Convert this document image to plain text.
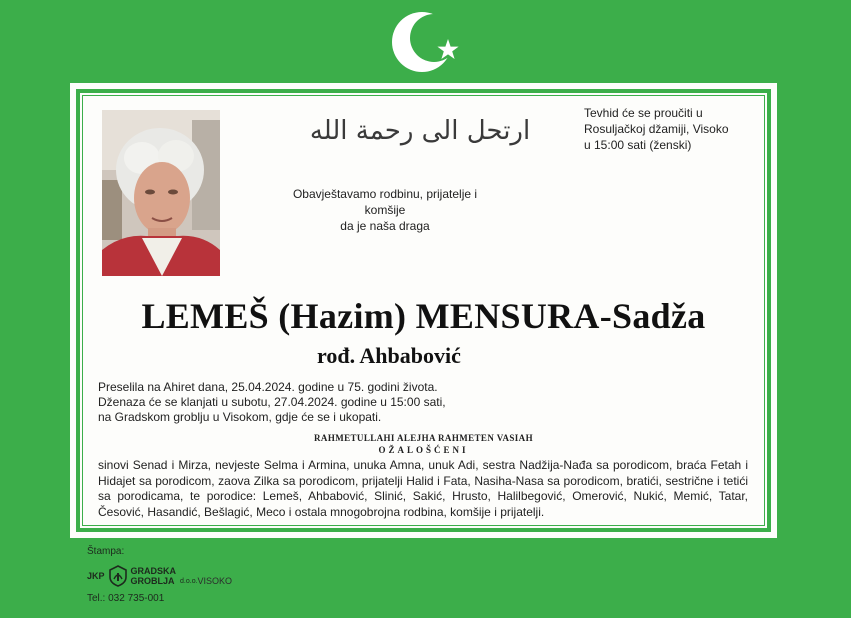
ارتحل الى رحمة الله
Tevhid će se proučiti u
Rosuljačkoj džamiji, Visoko
u 15:00 sati (ženski)
Obavještavamo rodbinu, prijatelje i komšije
da je naša draga
LEMEŠ (Hazim) MENSURA-Sadža
rođ. Ahbabović
Preselila na Ahiret dana, 25.04.2024. godine u 75. godini života.
Dženaza će se klanjati u subotu, 27.04.2024. godine u 15:00 sati,
na Gradskom groblju u Visokom, gdje će se i ukopati.
RAHMETULLAHI ALEJHA RAHMETEN VASIAH
OŽALOŠĆENI
sinovi Senad i Mirza, nevjeste Selma i Armina, unuka Amna, unuk Adi, sestra Nadžija-Nađa sa porodicom, braća Fetah i Hidajet sa porodicom, zaova Zilka sa porodicom, prijatelji Halid i Fata, Nasiha-Nasa sa porodicom, bratići, sestrične i tetići sa porodicama, te porodice: Lemeš, Ahbabović, Slinić, Sakić, Hrusto, Halilbegović, Omerović, Nukić, Memić, Tatar, Česović, Hasandić, Bešlagić, Meco i ostala mnogobrojna rodbina, komšije i prijatelji.
Štampa:
JKP	GRADSKA
GROBLJA d.o.o. VISOKO
Tel.: 032 735-001
